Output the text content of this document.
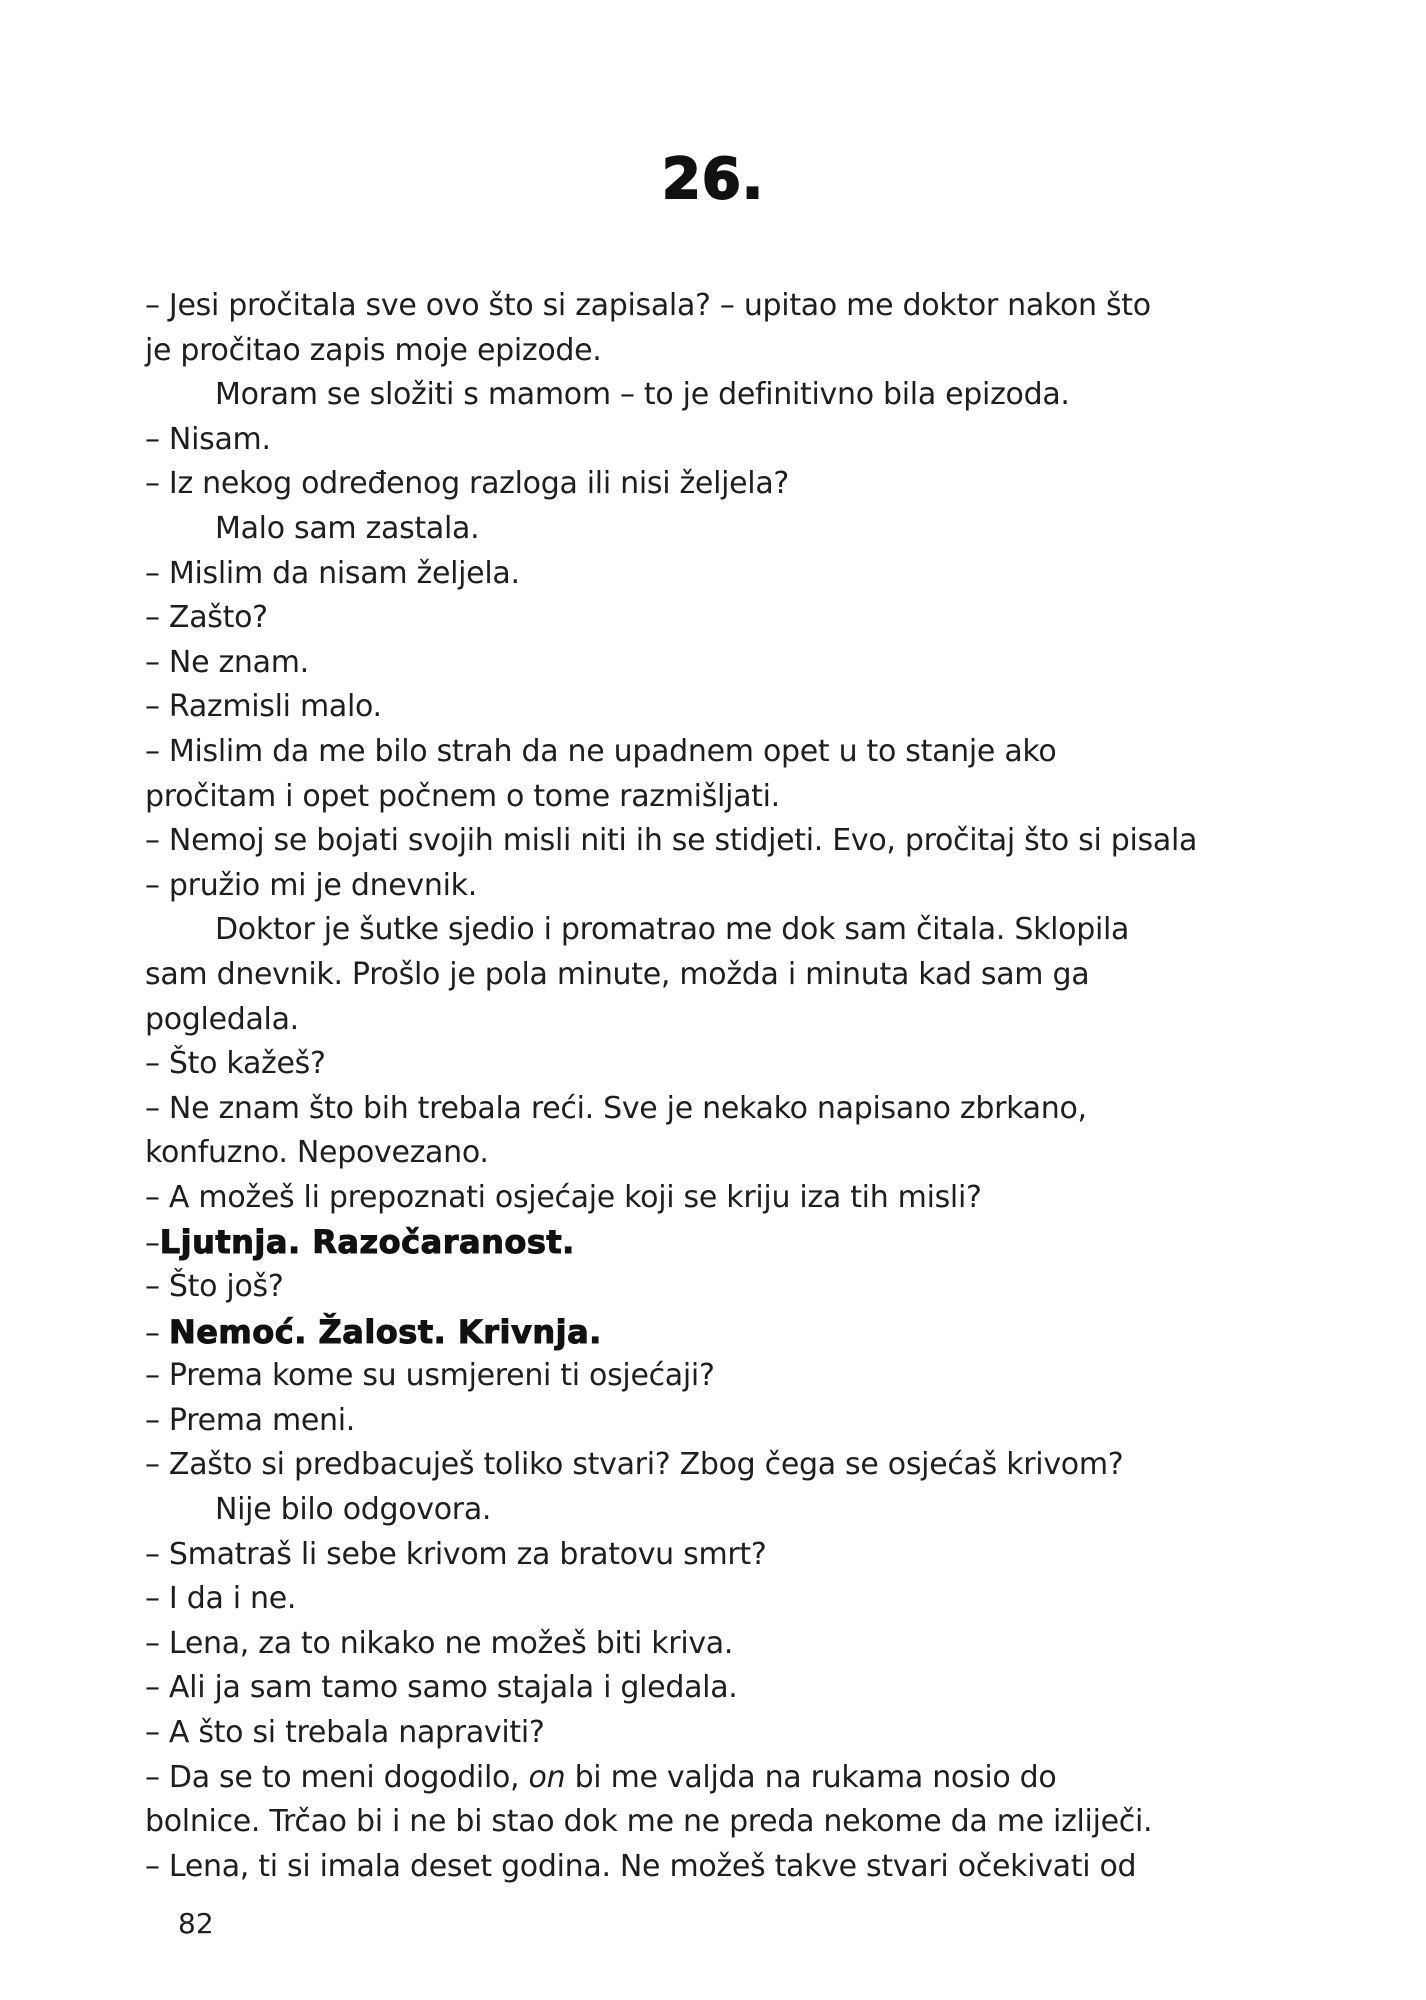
26.
– Jesi pročitala sve ovo što si zapisala? – upitao me doktor nakon što
je pročitao zapis moje epizode.
Moram se složiti s mamom – to je definitivno bila epizoda.
– Nisam.
– Iz nekog određenog razloga ili nisi željela?
Malo sam zastala.
– Mislim da nisam željela.
– Zašto?
– Ne znam.
– Razmisli malo.
– Mislim da me bilo strah da ne upadnem opet u to stanje ako
pročitam i opet počnem o tome razmišljati.
– Nemoj se bojati svojih misli niti ih se stidjeti. Evo, pročitaj što si pisala
– pružio mi je dnevnik.
Doktor je šutke sjedio i promatrao me dok sam čitala. Sklopila
sam dnevnik. Prošlo je pola minute, možda i minuta kad sam ga
pogledala.
– Što kažeš?
– Ne znam što bih trebala reći. Sve je nekako napisano zbrkano,
konfuzno. Nepovezano.
– A možeš li prepoznati osjećaje koji se kriju iza tih misli?
–Ljutnja. Razočaranost.
– Što još?
– Nemoć. Žalost. Krivnja.
– Prema kome su usmjereni ti osjećaji?
– Prema meni.
– Zašto si predbacuješ toliko stvari? Zbog čega se osjećaš krivom?
Nije bilo odgovora.
– Smatraš li sebe krivom za bratovu smrt?
– I da i ne.
– Lena, za to nikako ne možeš biti kriva.
– Ali ja sam tamo samo stajala i gledala.
– A što si trebala napraviti?
– Da se to meni dogodilo, on bi me valjda na rukama nosio do
bolnice. Trčao bi i ne bi stao dok me ne preda nekome da me izliječi.
– Lena, ti si imala deset godina. Ne možeš takve stvari očekivati od
82
